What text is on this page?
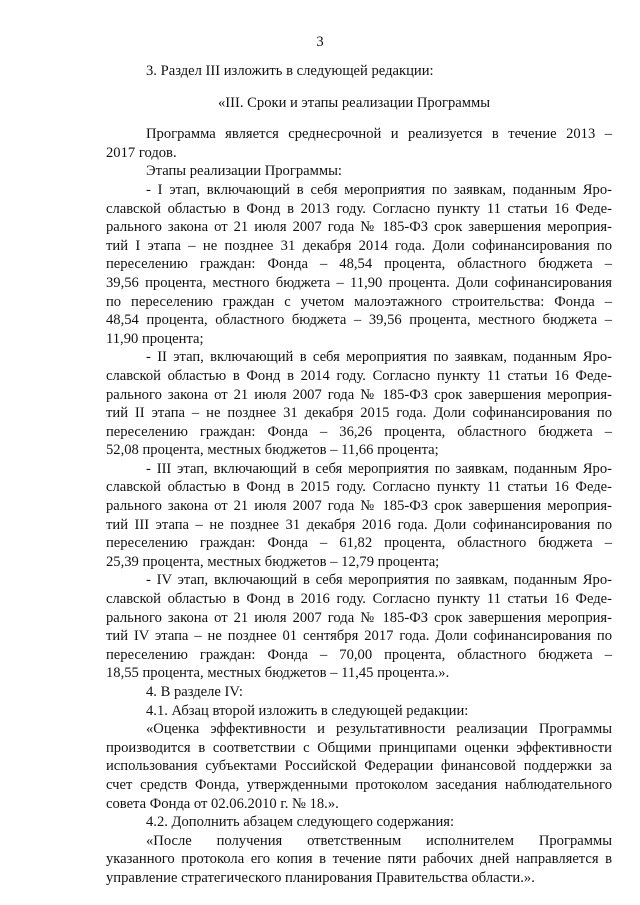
3
3. Раздел III изложить в следующей редакции:
«III. Сроки и этапы реализации Программы
Программа является среднесрочной и реализуется в течение 2013 –
2017 годов.
Этапы реализации Программы:
- I этап, включающий в себя мероприятия по заявкам, поданным Яро-
славской областью в Фонд в 2013 году. Согласно пункту 11 статьи 16 Феде-
рального закона от 21 июля 2007 года № 185-ФЗ срок завершения мероприя-
тий I этапа – не позднее 31 декабря 2014 года. Доли софинансирования по
переселению граждан: Фонда – 48,54 процента, областного бюджета –
39,56 процента, местного бюджета – 11,90 процента. Доли софинансирования
по переселению граждан с учетом малоэтажного строительства: Фонда –
48,54 процента, областного бюджета – 39,56 процента, местного бюджета –
11,90 процента;
- II этап, включающий в себя мероприятия по заявкам, поданным Яро-
славской областью в Фонд в 2014 году. Согласно пункту 11 статьи 16 Феде-
рального закона от 21 июля 2007 года № 185-ФЗ срок завершения мероприя-
тий II этапа – не позднее 31 декабря 2015 года. Доли софинансирования по
переселению граждан: Фонда – 36,26 процента, областного бюджета –
52,08 процента, местных бюджетов – 11,66 процента;
- III этап, включающий в себя мероприятия по заявкам, поданным Яро-
славской областью в Фонд в 2015 году. Согласно пункту 11 статьи 16 Феде-
рального закона от 21 июля 2007 года № 185-ФЗ срок завершения мероприя-
тий III этапа – не позднее 31 декабря 2016 года. Доли софинансирования по
переселению граждан: Фонда – 61,82 процента, областного бюджета –
25,39 процента, местных бюджетов – 12,79 процента;
- IV этап, включающий в себя мероприятия по заявкам, поданным Яро-
славской областью в Фонд в 2016 году. Согласно пункту 11 статьи 16 Феде-
рального закона от 21 июля 2007 года № 185-ФЗ срок завершения мероприя-
тий IV этапа – не позднее 01 сентября 2017 года. Доли софинансирования по
переселению граждан: Фонда – 70,00 процента, областного бюджета –
18,55 процента, местных бюджетов – 11,45 процента.».
4. В разделе IV:
4.1. Абзац второй изложить в следующей редакции:
«Оценка эффективности и результативности реализации Программы
производится в соответствии с Общими принципами оценки эффективности
использования субъектами Российской Федерации финансовой поддержки за
счет средств Фонда, утвержденными протоколом заседания наблюдательного
совета Фонда от 02.06.2010 г. № 18.».
4.2. Дополнить абзацем следующего содержания:
«После получения ответственным исполнителем Программы
указанного протокола его копия в течение пяти рабочих дней направляется в
управление стратегического планирования Правительства области.».
